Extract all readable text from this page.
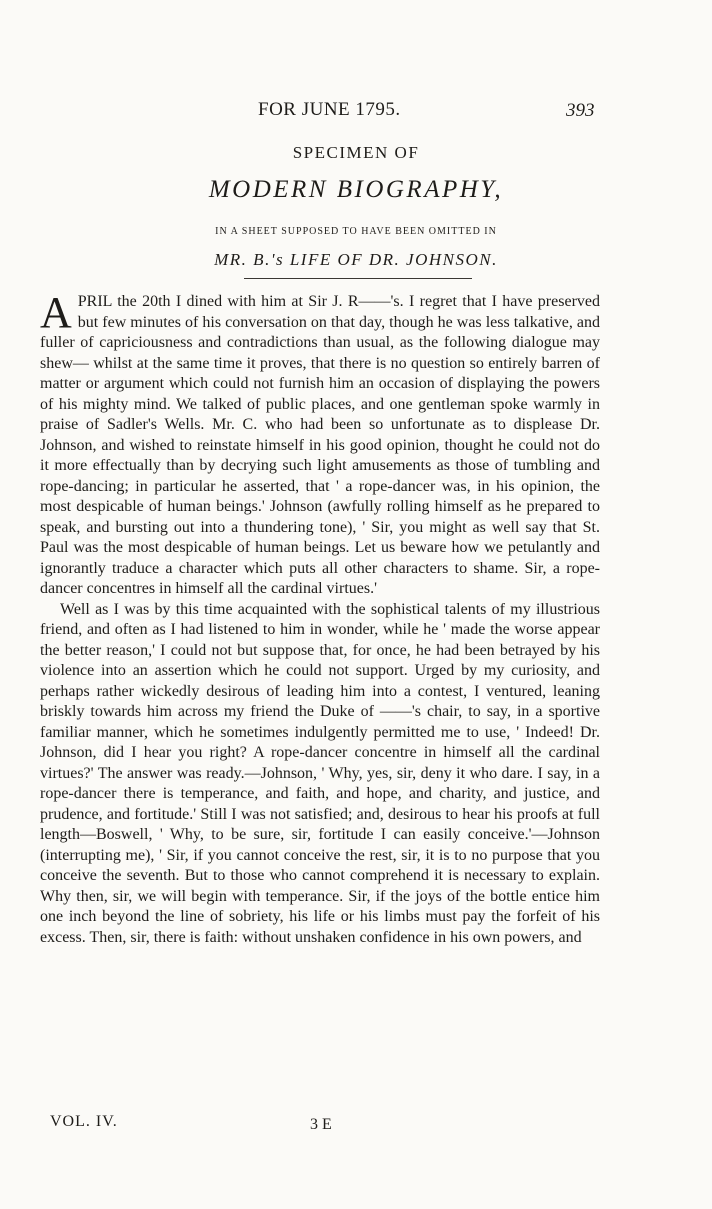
FOR JUNE 1795.	393
SPECIMEN OF
MODERN BIOGRAPHY,
IN A SHEET SUPPOSED TO HAVE BEEN OMITTED IN
MR. B.'s LIFE OF DR. JOHNSON.

APRIL the 20th I dined with him at Sir J. R——'s. I regret that I have preserved but few minutes of his conversation on that day, though he was less talkative, and fuller of capriciousness and contradictions than usual, as the following dialogue may shew— whilst at the same time it proves, that there is no question so entirely barren of matter or argument which could not furnish him an occasion of displaying the powers of his mighty mind. We talked of public places, and one gentleman spoke warmly in praise of Sadler's Wells. Mr. C. who had been so unfortunate as to displease Dr. Johnson, and wished to reinstate himself in his good opinion, thought he could not do it more effectually than by decrying such light amusements as those of tumbling and rope-dancing; in particular he asserted, that ' a rope-dancer was, in his opinion, the most despicable of human beings.' Johnson (awfully rolling himself as he prepared to speak, and bursting out into a thundering tone), ' Sir, you might as well say that St. Paul was the most despicable of human beings. Let us beware how we petulantly and ignorantly traduce a character which puts all other characters to shame. Sir, a rope-dancer concentres in himself all the cardinal virtues.'

Well as I was by this time acquainted with the sophistical talents of my illustrious friend, and often as I had listened to him in wonder, while he ' made the worse appear the better reason,' I could not but suppose that, for once, he had been betrayed by his violence into an assertion which he could not support. Urged by my curiosity, and perhaps rather wickedly desirous of leading him into a contest, I ventured, leaning briskly towards him across my friend the Duke of ——'s chair, to say, in a sportive familiar manner, which he sometimes indulgently permitted me to use, ' Indeed! Dr. Johnson, did I hear you right? A rope-dancer concentre in himself all the cardinal virtues?' The answer was ready.—Johnson, ' Why, yes, sir, deny it who dare. I say, in a rope-dancer there is temperance, and faith, and hope, and charity, and justice, and prudence, and fortitude.' Still I was not satisfied; and, desirous to hear his proofs at full length—Boswell, ' Why, to be sure, sir, fortitude I can easily conceive.'—Johnson (interrupting me), ' Sir, if you cannot conceive the rest, sir, it is to no purpose that you conceive the seventh. But to those who cannot comprehend it is necessary to explain. Why then, sir, we will begin with temperance. Sir, if the joys of the bottle entice him one inch beyond the line of sobriety, his life or his limbs must pay the forfeit of his excess. Then, sir, there is faith: without unshaken confidence in his own powers, and

VOL. IV.	3 E
